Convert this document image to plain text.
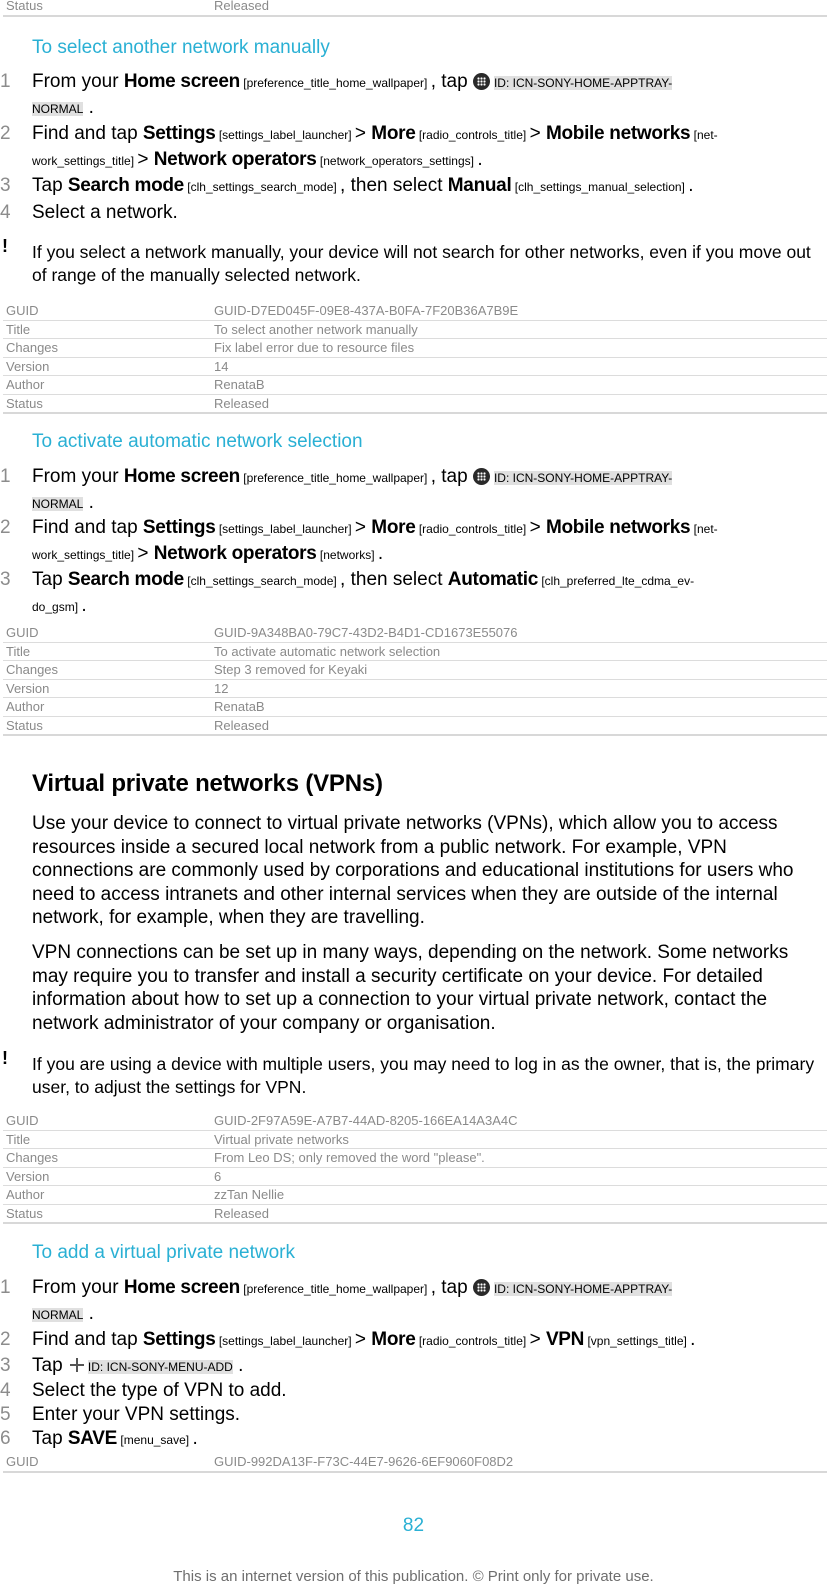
Status	Released
To select another network manually
1 From your Home screen [preference_title_home_wallpaper] , tap
ID: ICN-SONY-HOME-APPTRAY-
NORMAL .
2 Find and tap Settings [settings_label_launcher] > More [radio_controls_title] > Mobile networks [net-
work_settings_title] > Network operators [network_operators_settings] .
3 Tap Search mode [clh_settings_search_mode] , then select Manual [clh_settings_manual_selection] .
4 Select a network.
! If you select a network manually, your device will not search for other networks, even if you move out of range of the manually selected network.
GUID	GUID-D7ED045F-09E8-437A-B0FA-7F20B36A7B9E
Title	To select another network manually
Changes	Fix label error due to resource files
Version	14
Author	RenataB
Status	Released
To activate automatic network selection
1 From your Home screen [preference_title_home_wallpaper] , tap
ID: ICN-SONY-HOME-APPTRAY-
NORMAL .
2 Find and tap Settings [settings_label_launcher] > More [radio_controls_title] > Mobile networks [net-
work_settings_title] > Network operators [networks] .
3 Tap Search mode [clh_settings_search_mode] , then select Automatic [clh_preferred_lte_cdma_ev-
do_gsm] .
GUID	GUID-9A348BA0-79C7-43D2-B4D1-CD1673E55076
Title	To activate automatic network selection
Changes	Step 3 removed for Keyaki
Version	12
Author	RenataB
Status	Released
Virtual private networks (VPNs)
Use your device to connect to virtual private networks (VPNs), which allow you to access resources inside a secured local network from a public network. For example, VPN connections are commonly used by corporations and educational institutions for users who need to access intranets and other internal services when they are outside of the internal network, for example, when they are travelling.
VPN connections can be set up in many ways, depending on the network. Some networks may require you to transfer and install a security certificate on your device. For detailed information about how to set up a connection to your virtual private network, contact the network administrator of your company or organisation.
! If you are using a device with multiple users, you may need to log in as the owner, that is, the primary user, to adjust the settings for VPN.
GUID	GUID-2F97A59E-A7B7-44AD-8205-166EA14A3A4C
Title	Virtual private networks
Changes	From Leo DS; only removed the word "please".
Version	6
Author	zzTan Nellie
Status	Released
To add a virtual private network
1 From your Home screen [preference_title_home_wallpaper] , tap
ID: ICN-SONY-HOME-APPTRAY-
NORMAL .
2 Find and tap Settings [settings_label_launcher] > More [radio_controls_title] > VPN [vpn_settings_title] .
3 Tap ID: ICN-SONY-MENU-ADD .
4 Select the type of VPN to add.
5 Enter your VPN settings.
6 Tap SAVE [menu_save] .
GUID	GUID-992DA13F-F73C-44E7-9626-6EF9060F08D2
82
This is an internet version of this publication. © Print only for private use.
